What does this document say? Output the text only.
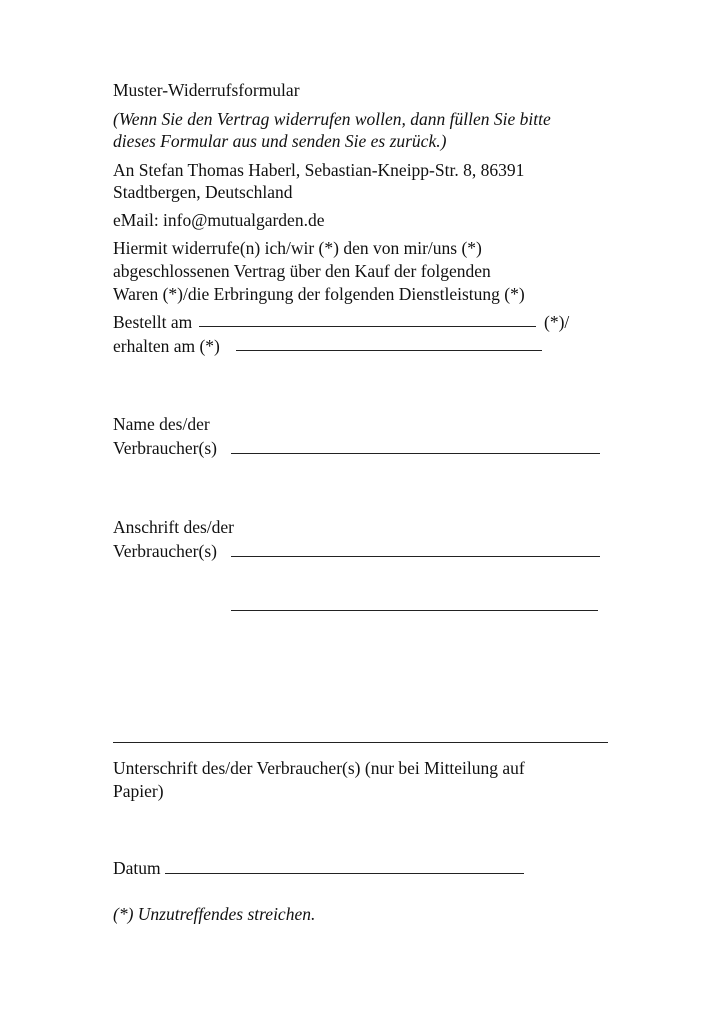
Muster-Widerrufsformular
(Wenn Sie den Vertrag widerrufen wollen, dann füllen Sie bitte
dieses Formular aus und senden Sie es zurück.)
An Stefan Thomas Haberl, Sebastian-Kneipp-Str. 8, 86391
Stadtbergen, Deutschland
eMail: info@mutualgarden.de
Hiermit widerrufe(n) ich/wir (*) den von mir/uns (*)
abgeschlossenen Vertrag über den Kauf der folgenden
Waren (*)/die Erbringung der folgenden Dienstleistung (*)
Bestellt am	(*)/
erhalten am (*)
Name des/der
Verbraucher(s)
Anschrift des/der
Verbraucher(s)
Unterschrift des/der Verbraucher(s) (nur bei Mitteilung auf
Papier)
Datum
(*) Unzutreffendes streichen.
